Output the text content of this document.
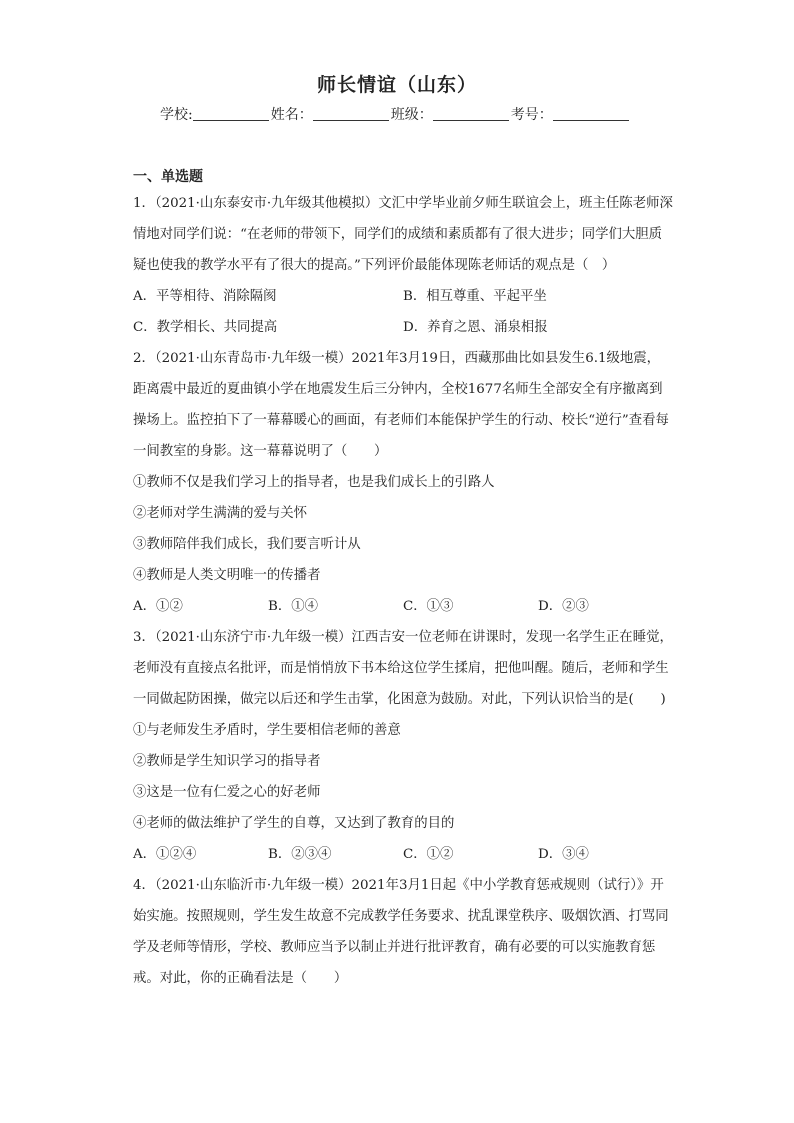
师长情谊（山东）
学校:	姓名：	班级：	考号：
一、单选题

1．（2021·山东泰安市·九年级其他模拟）文汇中学毕业前夕师生联谊会上，班主任陈老师深情地对同学们说：“在老师的带领下，同学们的成绩和素质都有了很大进步；同学们大胆质疑也使我的教学水平有了很大的提高。”下列评价最能体现陈老师话的观点是（　）

A．平等相待、消除隔阂	B．相互尊重、平起平坐
C．教学相长、共同提高	D．养育之恩、涌泉相报

2．（2021·山东青岛市·九年级一模）2021年3月19日，西藏那曲比如县发生6.1级地震，距离震中最近的夏曲镇小学在地震发生后三分钟内，全校1677名师生全部安全有序撤离到操场上。监控拍下了一幕幕暖心的画面，有老师们本能保护学生的行动、校长“逆行”查看每一间教室的身影。这一幕幕说明了（　　）

①教师不仅是我们学习上的指导者，也是我们成长上的引路人

②老师对学生满满的爱与关怀

③教师陪伴我们成长，我们要言听计从

④教师是人类文明唯一的传播者

A．①②	B．①④	C．①③	D．②③

3．（2021·山东济宁市·九年级一模）江西吉安一位老师在讲课时，发现一名学生正在睡觉，老师没有直接点名批评，而是悄悄放下书本给这位学生揉肩，把他叫醒。随后，老师和学生一同做起防困操，做完以后还和学生击掌，化困意为鼓励。对此，下列认识恰当的是(　　)

①与老师发生矛盾时，学生要相信老师的善意

②教师是学生知识学习的指导者

③这是一位有仁爱之心的好老师

④老师的做法维护了学生的自尊，又达到了教育的目的

A．①②④	B．②③④	C．①②	D．③④

4．（2021·山东临沂市·九年级一模）2021年3月1日起《中小学教育惩戒规则（试行）》开始实施。按照规则，学生发生故意不完成教学任务要求、扰乱课堂秩序、吸烟饮酒、打骂同学及老师等情形，学校、教师应当予以制止并进行批评教育，确有必要的可以实施教育惩戒。对此，你的正确看法是（　　）
